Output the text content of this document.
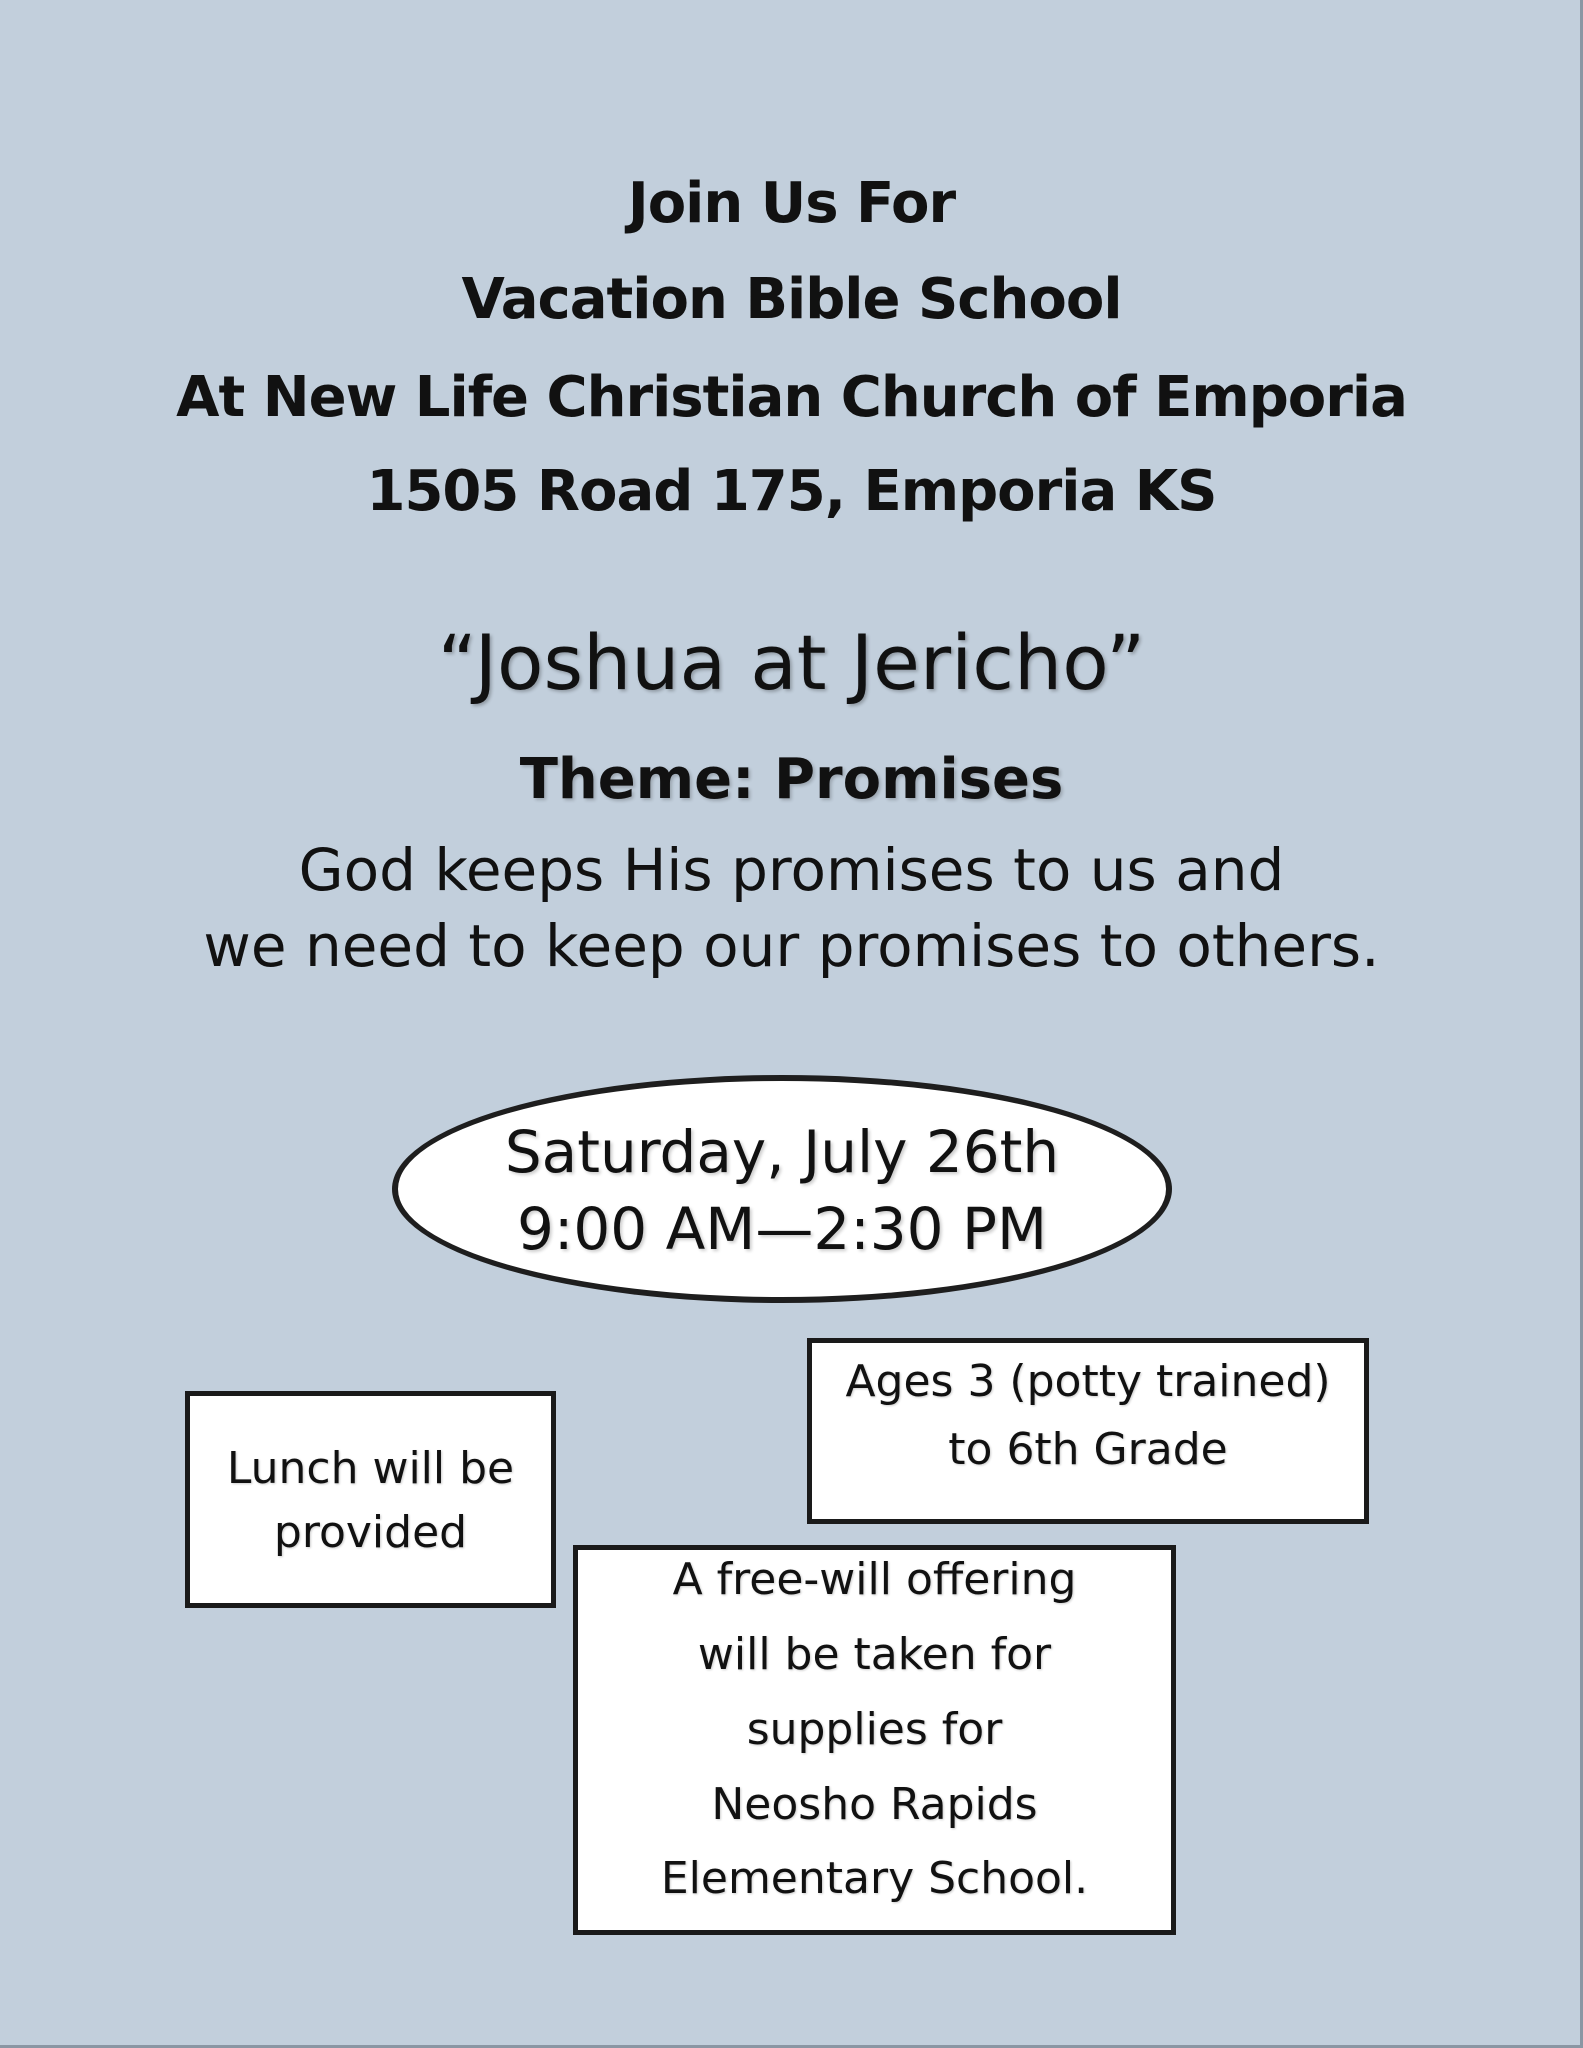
Join Us For
Vacation Bible School
At New Life Christian Church of Emporia
1505 Road 175, Emporia KS
“Joshua at Jericho”
Theme: Promises
God keeps His promises to us and
we need to keep our promises to others.
Saturday, July 26th
9:00 AM—2:30 PM
Ages 3 (potty trained)
to 6th Grade
Lunch will be
provided
A free-will offering
will be taken for
supplies for
Neosho Rapids
Elementary School.
